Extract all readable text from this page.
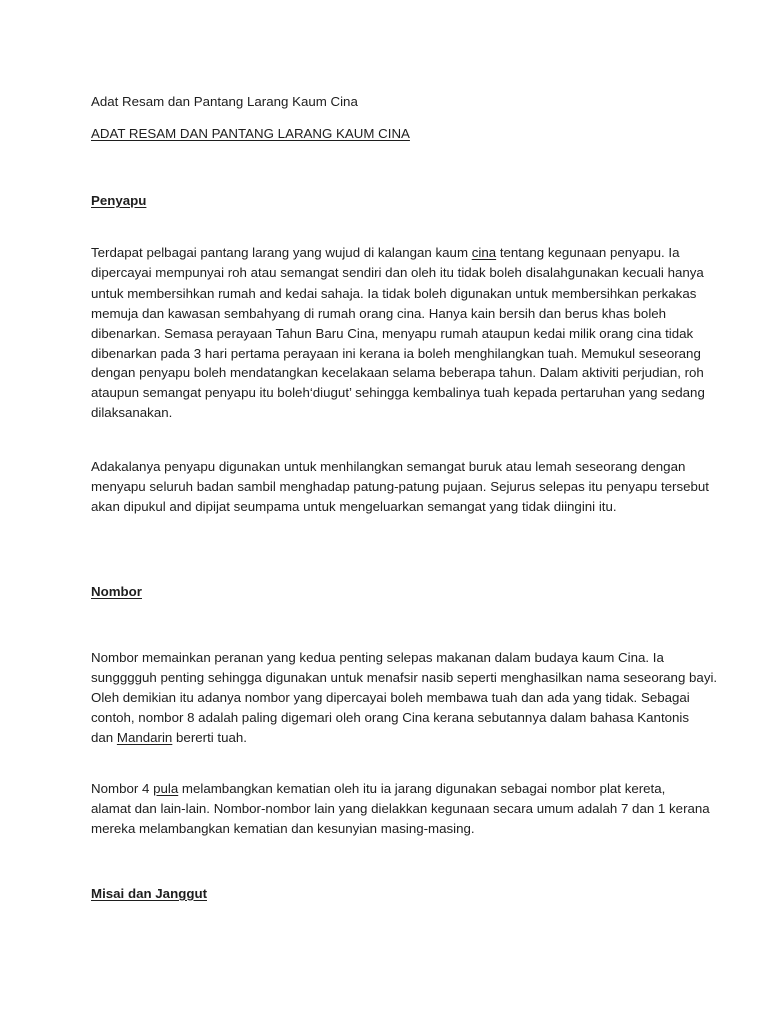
Adat Resam dan Pantang Larang Kaum Cina

ADAT RESAM DAN PANTANG LARANG KAUM CINA

Penyapu

Terdapat pelbagai pantang larang yang wujud di kalangan kaum cina tentang kegunaan penyapu. Ia

dipercayai mempunyai roh atau semangat sendiri dan oleh itu tidak boleh disalahgunakan kecuali hanya

untuk membersihkan rumah and kedai sahaja. Ia tidak boleh digunakan untuk membersihkan perkakas

memuja dan kawasan sembahyang di rumah orang cina. Hanya kain bersih dan berus khas boleh

dibenarkan. Semasa perayaan Tahun Baru Cina, menyapu rumah ataupun kedai milik orang cina tidak

dibenarkan pada 3 hari pertama perayaan ini kerana ia boleh menghilangkan tuah. Memukul seseorang

dengan penyapu boleh mendatangkan kecelakaan selama beberapa tahun. Dalam aktiviti perjudian, roh

ataupun semangat penyapu itu boleh‘diugut’ sehingga kembalinya tuah kepada pertaruhan yang sedang

dilaksanakan.

Adakalanya penyapu digunakan untuk menhilangkan semangat buruk atau lemah seseorang dengan

menyapu seluruh badan sambil menghadap patung-patung pujaan. Sejurus selepas itu penyapu tersebut

akan dipukul and dipijat seumpama untuk mengeluarkan semangat yang tidak diingini itu.

Nombor

Nombor memainkan peranan yang kedua penting selepas makanan dalam budaya kaum Cina. Ia

sungggguh penting sehingga digunakan untuk menafsir nasib seperti menghasilkan nama seseorang bayi.

Oleh demikian itu adanya nombor yang dipercayai boleh membawa tuah dan ada yang tidak. Sebagai

contoh, nombor 8 adalah paling digemari oleh orang Cina kerana sebutannya dalam bahasa Kantonis

dan Mandarin bererti tuah.

Nombor 4 pula melambangkan kematian oleh itu ia jarang digunakan sebagai nombor plat kereta,

alamat dan lain-lain. Nombor-nombor lain yang dielakkan kegunaan secara umum adalah 7 dan 1 kerana

mereka melambangkan kematian dan kesunyian masing-masing.

Misai dan Janggut
